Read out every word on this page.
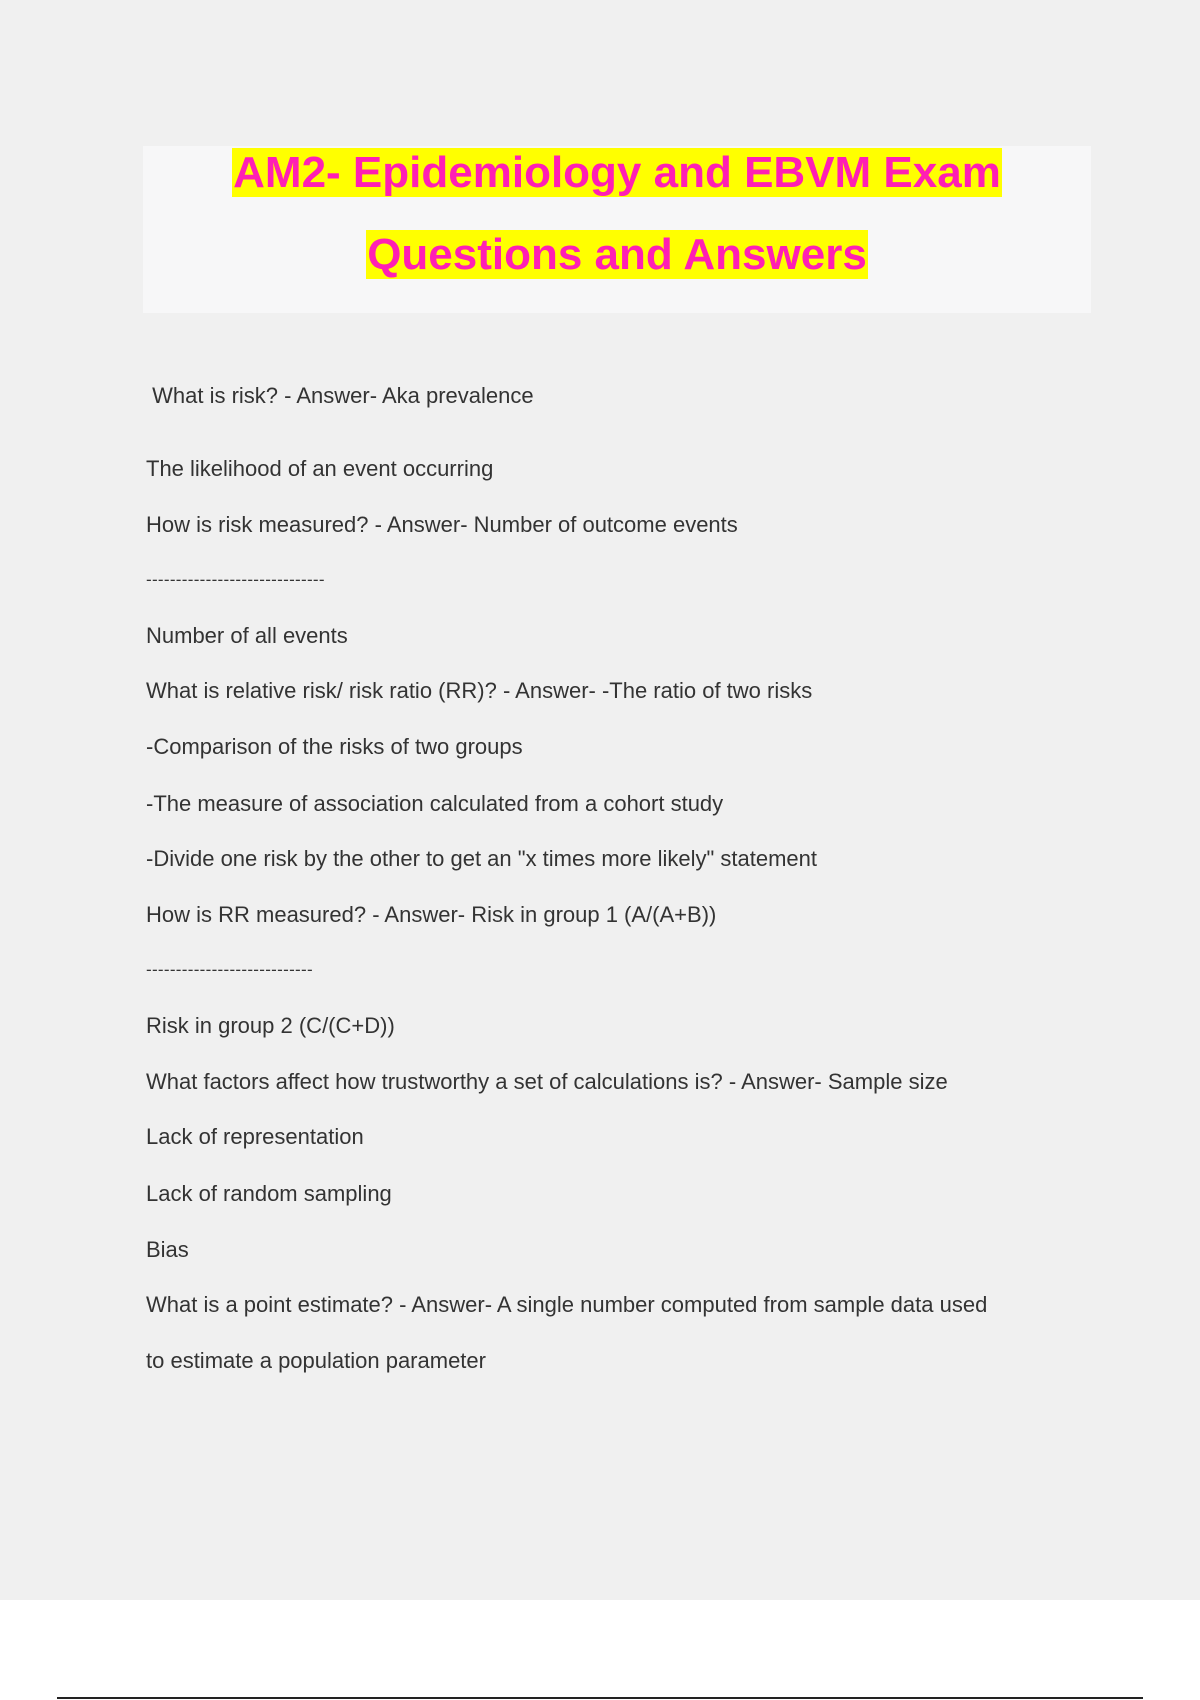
AM2- Epidemiology and EBVM Exam
Questions and Answers
What is risk? - Answer- Aka prevalence
The likelihood of an event occurring
How is risk measured? - Answer- Number of outcome events
------------------------------
Number of all events
What is relative risk/ risk ratio (RR)? - Answer- -The ratio of two risks
-Comparison of the risks of two groups
-The measure of association calculated from a cohort study
-Divide one risk by the other to get an "x times more likely" statement
How is RR measured? - Answer- Risk in group 1 (A/(A+B))
----------------------------
Risk in group 2 (C/(C+D))
What factors affect how trustworthy a set of calculations is? - Answer- Sample size
Lack of representation
Lack of random sampling
Bias
What is a point estimate? - Answer- A single number computed from sample data used
to estimate a population parameter
